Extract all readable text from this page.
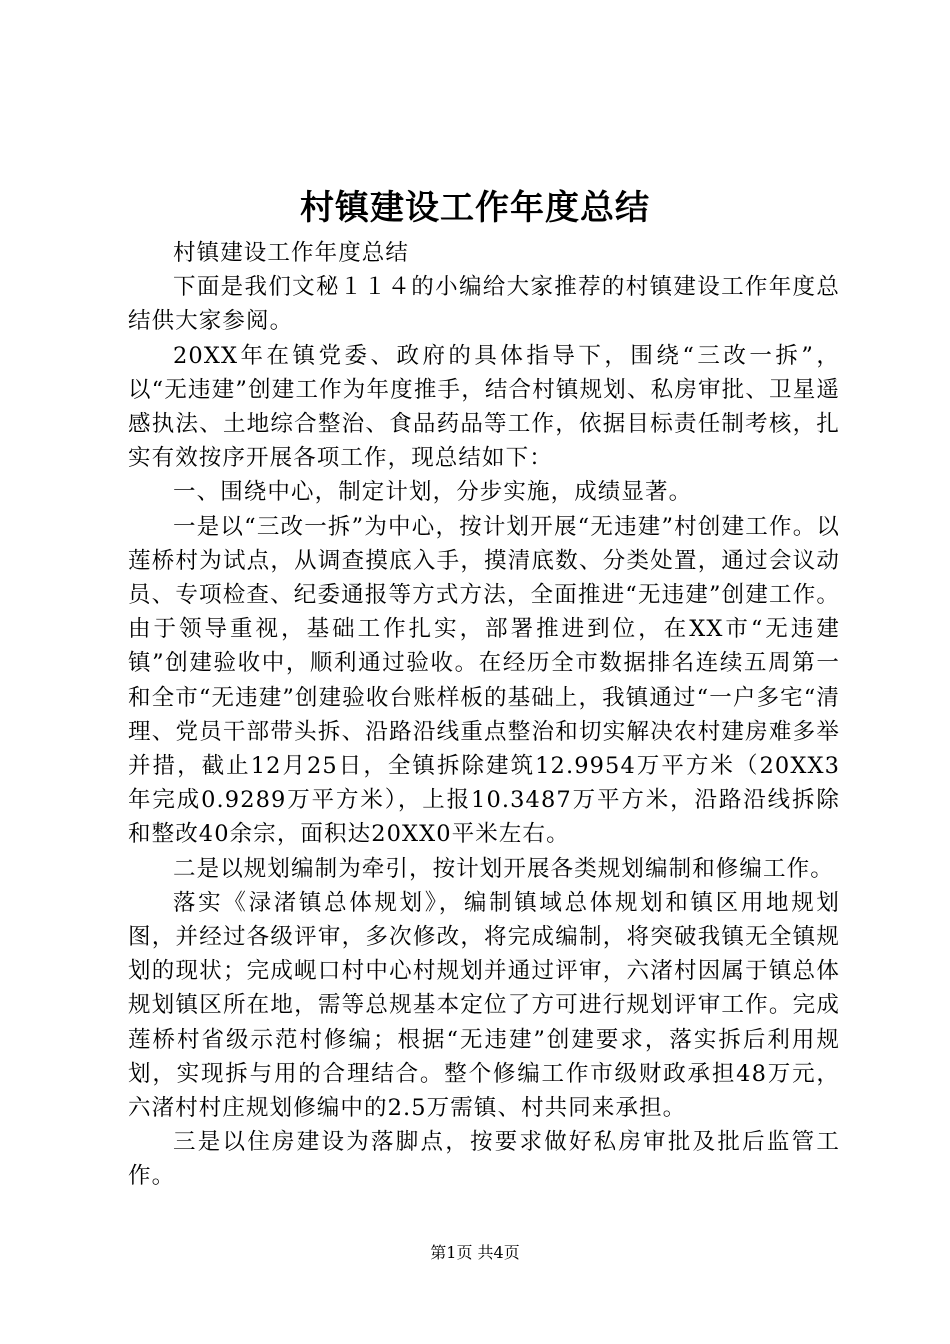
村镇建设工作年度总结

村镇建设工作年度总结

下面是我们文秘１１４的小编给大家推荐的村镇建设工作年度总结供大家参阅。

20XX年在镇党委、政府的具体指导下，围绕“三改一拆”，以“无违建”创建工作为年度推手，结合村镇规划、私房审批、卫星遥感执法、土地综合整治、食品药品等工作，依据目标责任制考核，扎实有效按序开展各项工作，现总结如下：

一、围绕中心，制定计划，分步实施，成绩显著。

一是以“三改一拆”为中心，按计划开展“无违建”村创建工作。以莲桥村为试点，从调查摸底入手，摸清底数、分类处置，通过会议动员、专项检查、纪委通报等方式方法，全面推进“无违建”创建工作。由于领导重视，基础工作扎实，部署推进到位，在XX市“无违建镇”创建验收中，顺利通过验收。在经历全市数据排名连续五周第一和全市“无违建”创建验收台账样板的基础上，我镇通过“一户多宅“清理、党员干部带头拆、沿路沿线重点整治和切实解决农村建房难多举并措，截止12月25日，全镇拆除建筑12.9954万平方米（20XX3年完成0.9289万平方米），上报10.3487万平方米，沿路沿线拆除和整改40余宗，面积达20XX0平米左右。

二是以规划编制为牵引，按计划开展各类规划编制和修编工作。

落实《渌渚镇总体规划》，编制镇域总体规划和镇区用地规划图，并经过各级评审，多次修改，将完成编制，将突破我镇无全镇规划的现状；完成岘口村中心村规划并通过评审，六渚村因属于镇总体规划镇区所在地，需等总规基本定位了方可进行规划评审工作。完成莲桥村省级示范村修编；根据“无违建”创建要求，落实拆后利用规划，实现拆与用的合理结合。整个修编工作市级财政承担48万元，六渚村村庄规划修编中的2.5万需镇、村共同来承担。

三是以住房建设为落脚点，按要求做好私房审批及批后监管工作。

第1页 共4页
